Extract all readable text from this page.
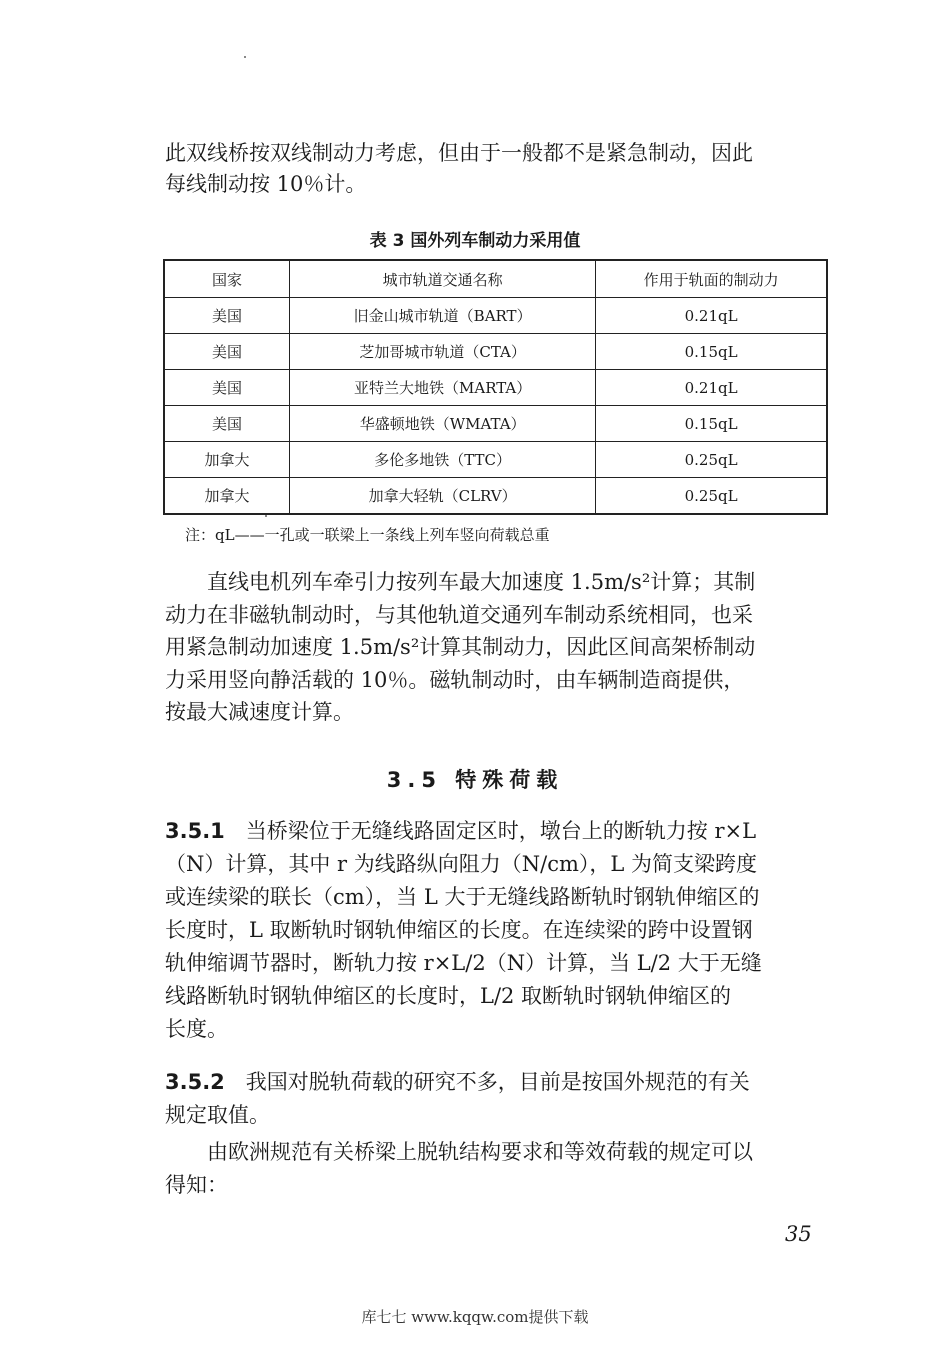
此双线桥按双线制动力考虑，但由于一般都不是紧急制动，因此
每线制动按 10％计。
表 3 国外列车制动力采用值
国家	城市轨道交通名称	作用于轨面的制动力
美国	旧金山城市轨道（BART）	0.21qL
美国	芝加哥城市轨道（CTA）	0.15qL
美国	亚特兰大地铁（MARTA）	0.21qL
美国	华盛顿地铁（WMATA）	0.15qL
加拿大	多伦多地铁（TTC）	0.25qL
加拿大	加拿大轻轨（CLRV）	0.25qL
注：qL——一孔或一联梁上一条线上列车竖向荷载总重
　　直线电机列车牵引力按列车最大加速度 1.5m/s²计算；其制
动力在非磁轨制动时，与其他轨道交通列车制动系统相同，也采
用紧急制动加速度 1.5m/s²计算其制动力，因此区间高架桥制动
力采用竖向静活载的 10％。磁轨制动时，由车辆制造商提供，
按最大减速度计算。
3.5 特殊荷载
3.5.1　 当桥梁位于无缝线路固定区时，墩台上的断轨力按 r×L
（N）计算，其中 r 为线路纵向阻力（N/cm），L 为简支梁跨度
或连续梁的联长（cm），当 L 大于无缝线路断轨时钢轨伸缩区的
长度时，L 取断轨时钢轨伸缩区的长度。在连续梁的跨中设置钢
轨伸缩调节器时，断轨力按 r×L/2（N）计算，当 L/2 大于无缝
线路断轨时钢轨伸缩区的长度时，L/2 取断轨时钢轨伸缩区的
长度。
3.5.2　 我国对脱轨荷载的研究不多，目前是按国外规范的有关
规定取值。
　　由欧洲规范有关桥梁上脱轨结构要求和等效荷载的规定可以
得知：
35
库七七 www.kqqw.com提供下载
